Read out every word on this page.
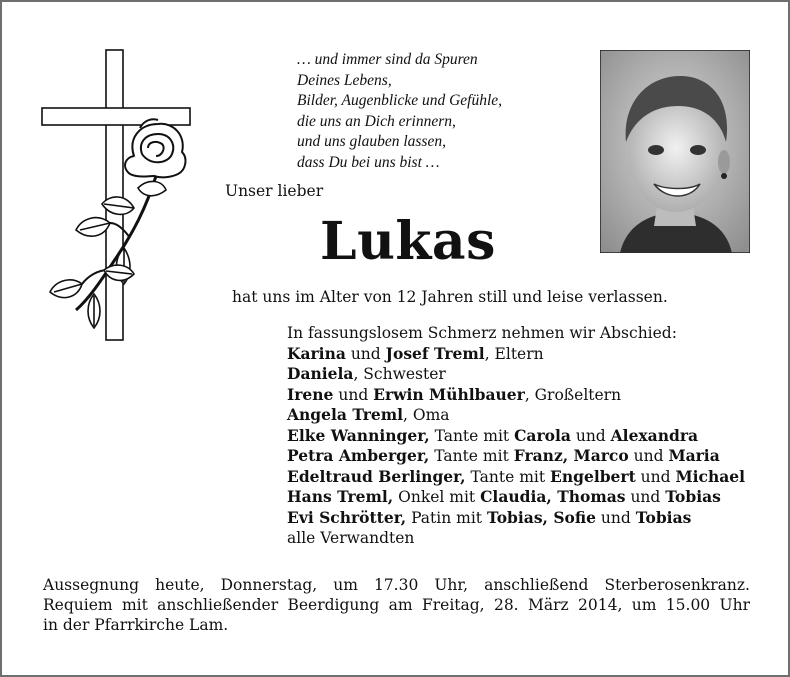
… und immer sind da Spuren
Deines Lebens,
Bilder, Augenblicke und Gefühle,
die uns an Dich erinnern,
und uns glauben lassen,
dass Du bei uns bist …
Unser lieber
Lukas
hat uns im Alter von 12 Jahren still und leise verlassen.
In fassungslosem Schmerz nehmen wir Abschied:
Karina und Josef Treml, Eltern
Daniela, Schwester
Irene und Erwin Mühlbauer, Großeltern
Angela Treml, Oma
Elke Wanninger, Tante mit Carola und Alexandra
Petra Amberger, Tante mit Franz, Marco und Maria
Edeltraud Berlinger, Tante mit Engelbert und Michael
Hans Treml, Onkel mit Claudia, Thomas und Tobias
Evi Schrötter, Patin mit Tobias, Sofie und Tobias
alle Verwandten
Aussegnung heute, Donnerstag, um 17.30 Uhr, anschließend Sterberosenkranz.
Requiem mit anschließender Beerdigung am Freitag, 28. März 2014, um 15.00 Uhr
in der Pfarrkirche Lam.
